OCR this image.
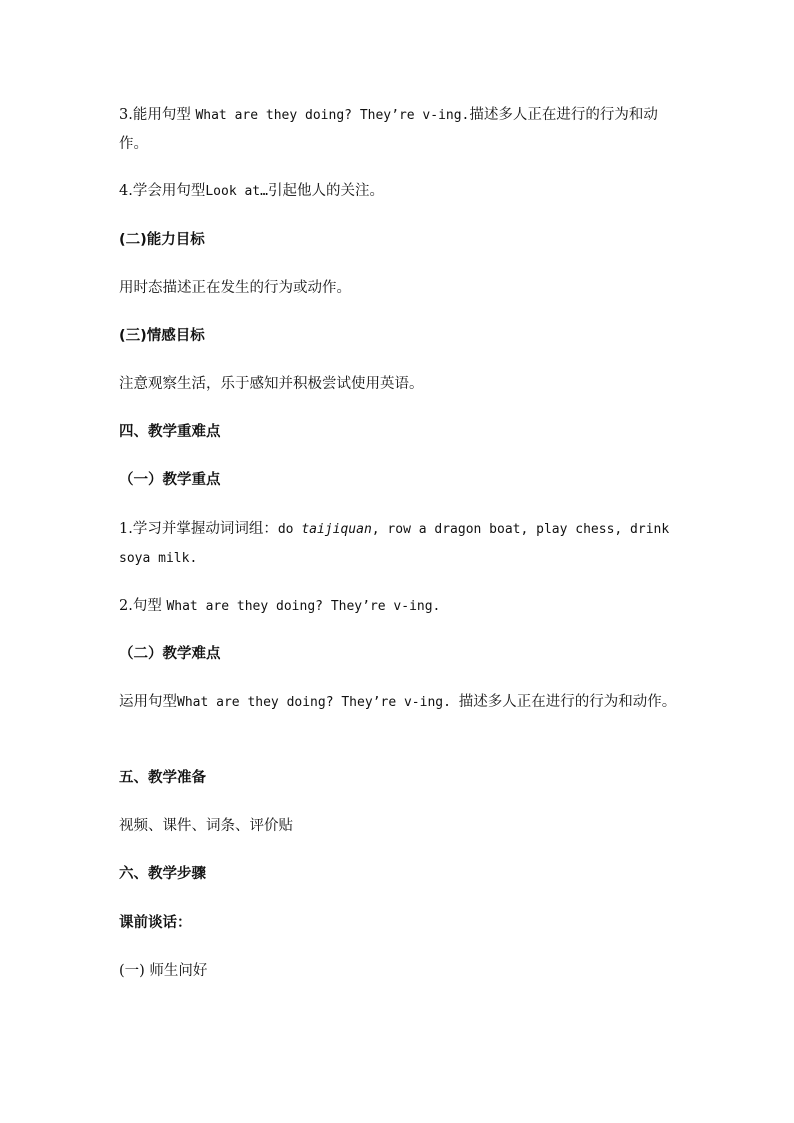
3.能用句型 What are they doing? They’re v-ing.描述多人正在进行的行为和动作。

4.学会用句型Look at…引起他人的关注。

(二)能力目标

用时态描述正在发生的行为或动作。

(三)情感目标

注意观察生活，乐于感知并积极尝试使用英语。

四、教学重难点

（一）教学重点

1.学习并掌握动词词组：do taijiquan, row a dragon boat, play chess, drink soya milk.

2.句型 What are they doing? They’re v-ing.

（二）教学难点

运用句型What are they doing? They’re v-ing. 描述多人正在进行的行为和动作。

五、教学准备

视频、课件、词条、评价贴

六、教学步骤

课前谈话：

(一) 师生问好
